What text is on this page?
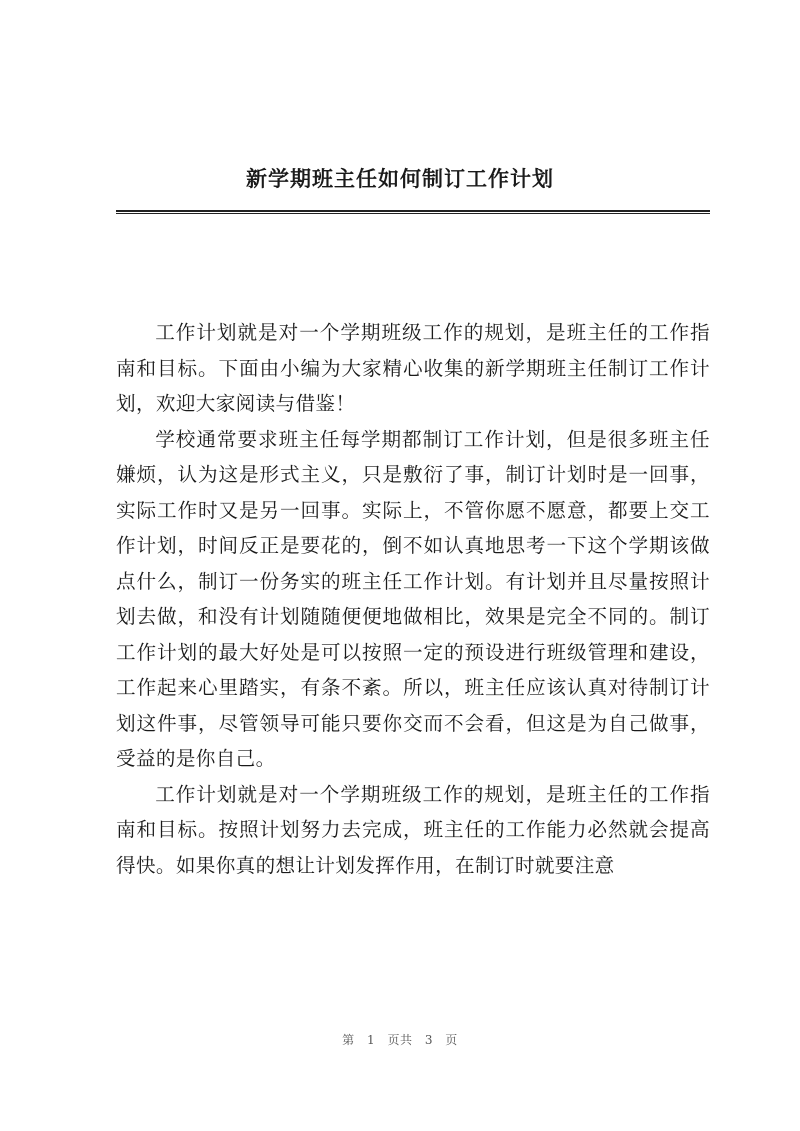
新学期班主任如何制订工作计划

工作计划就是对一个学期班级工作的规划，是班主任的工作指南和目标。下面由小编为大家精心收集的新学期班主任制订工作计划，欢迎大家阅读与借鉴！

学校通常要求班主任每学期都制订工作计划，但是很多班主任嫌烦，认为这是形式主义，只是敷衍了事，制订计划时是一回事，实际工作时又是另一回事。实际上，不管你愿不愿意，都要上交工作计划，时间反正是要花的，倒不如认真地思考一下这个学期该做点什么，制订一份务实的班主任工作计划。有计划并且尽量按照计划去做，和没有计划随随便便地做相比，效果是完全不同的。制订工作计划的最大好处是可以按照一定的预设进行班级管理和建设，工作起来心里踏实，有条不紊。所以，班主任应该认真对待制订计划这件事，尽管领导可能只要你交而不会看，但这是为自己做事，受益的是你自己。

工作计划就是对一个学期班级工作的规划，是班主任的工作指南和目标。按照计划努力去完成，班主任的工作能力必然就会提高得快。如果你真的想让计划发挥作用，在制订时就要注意

第 1 页共 3 页
